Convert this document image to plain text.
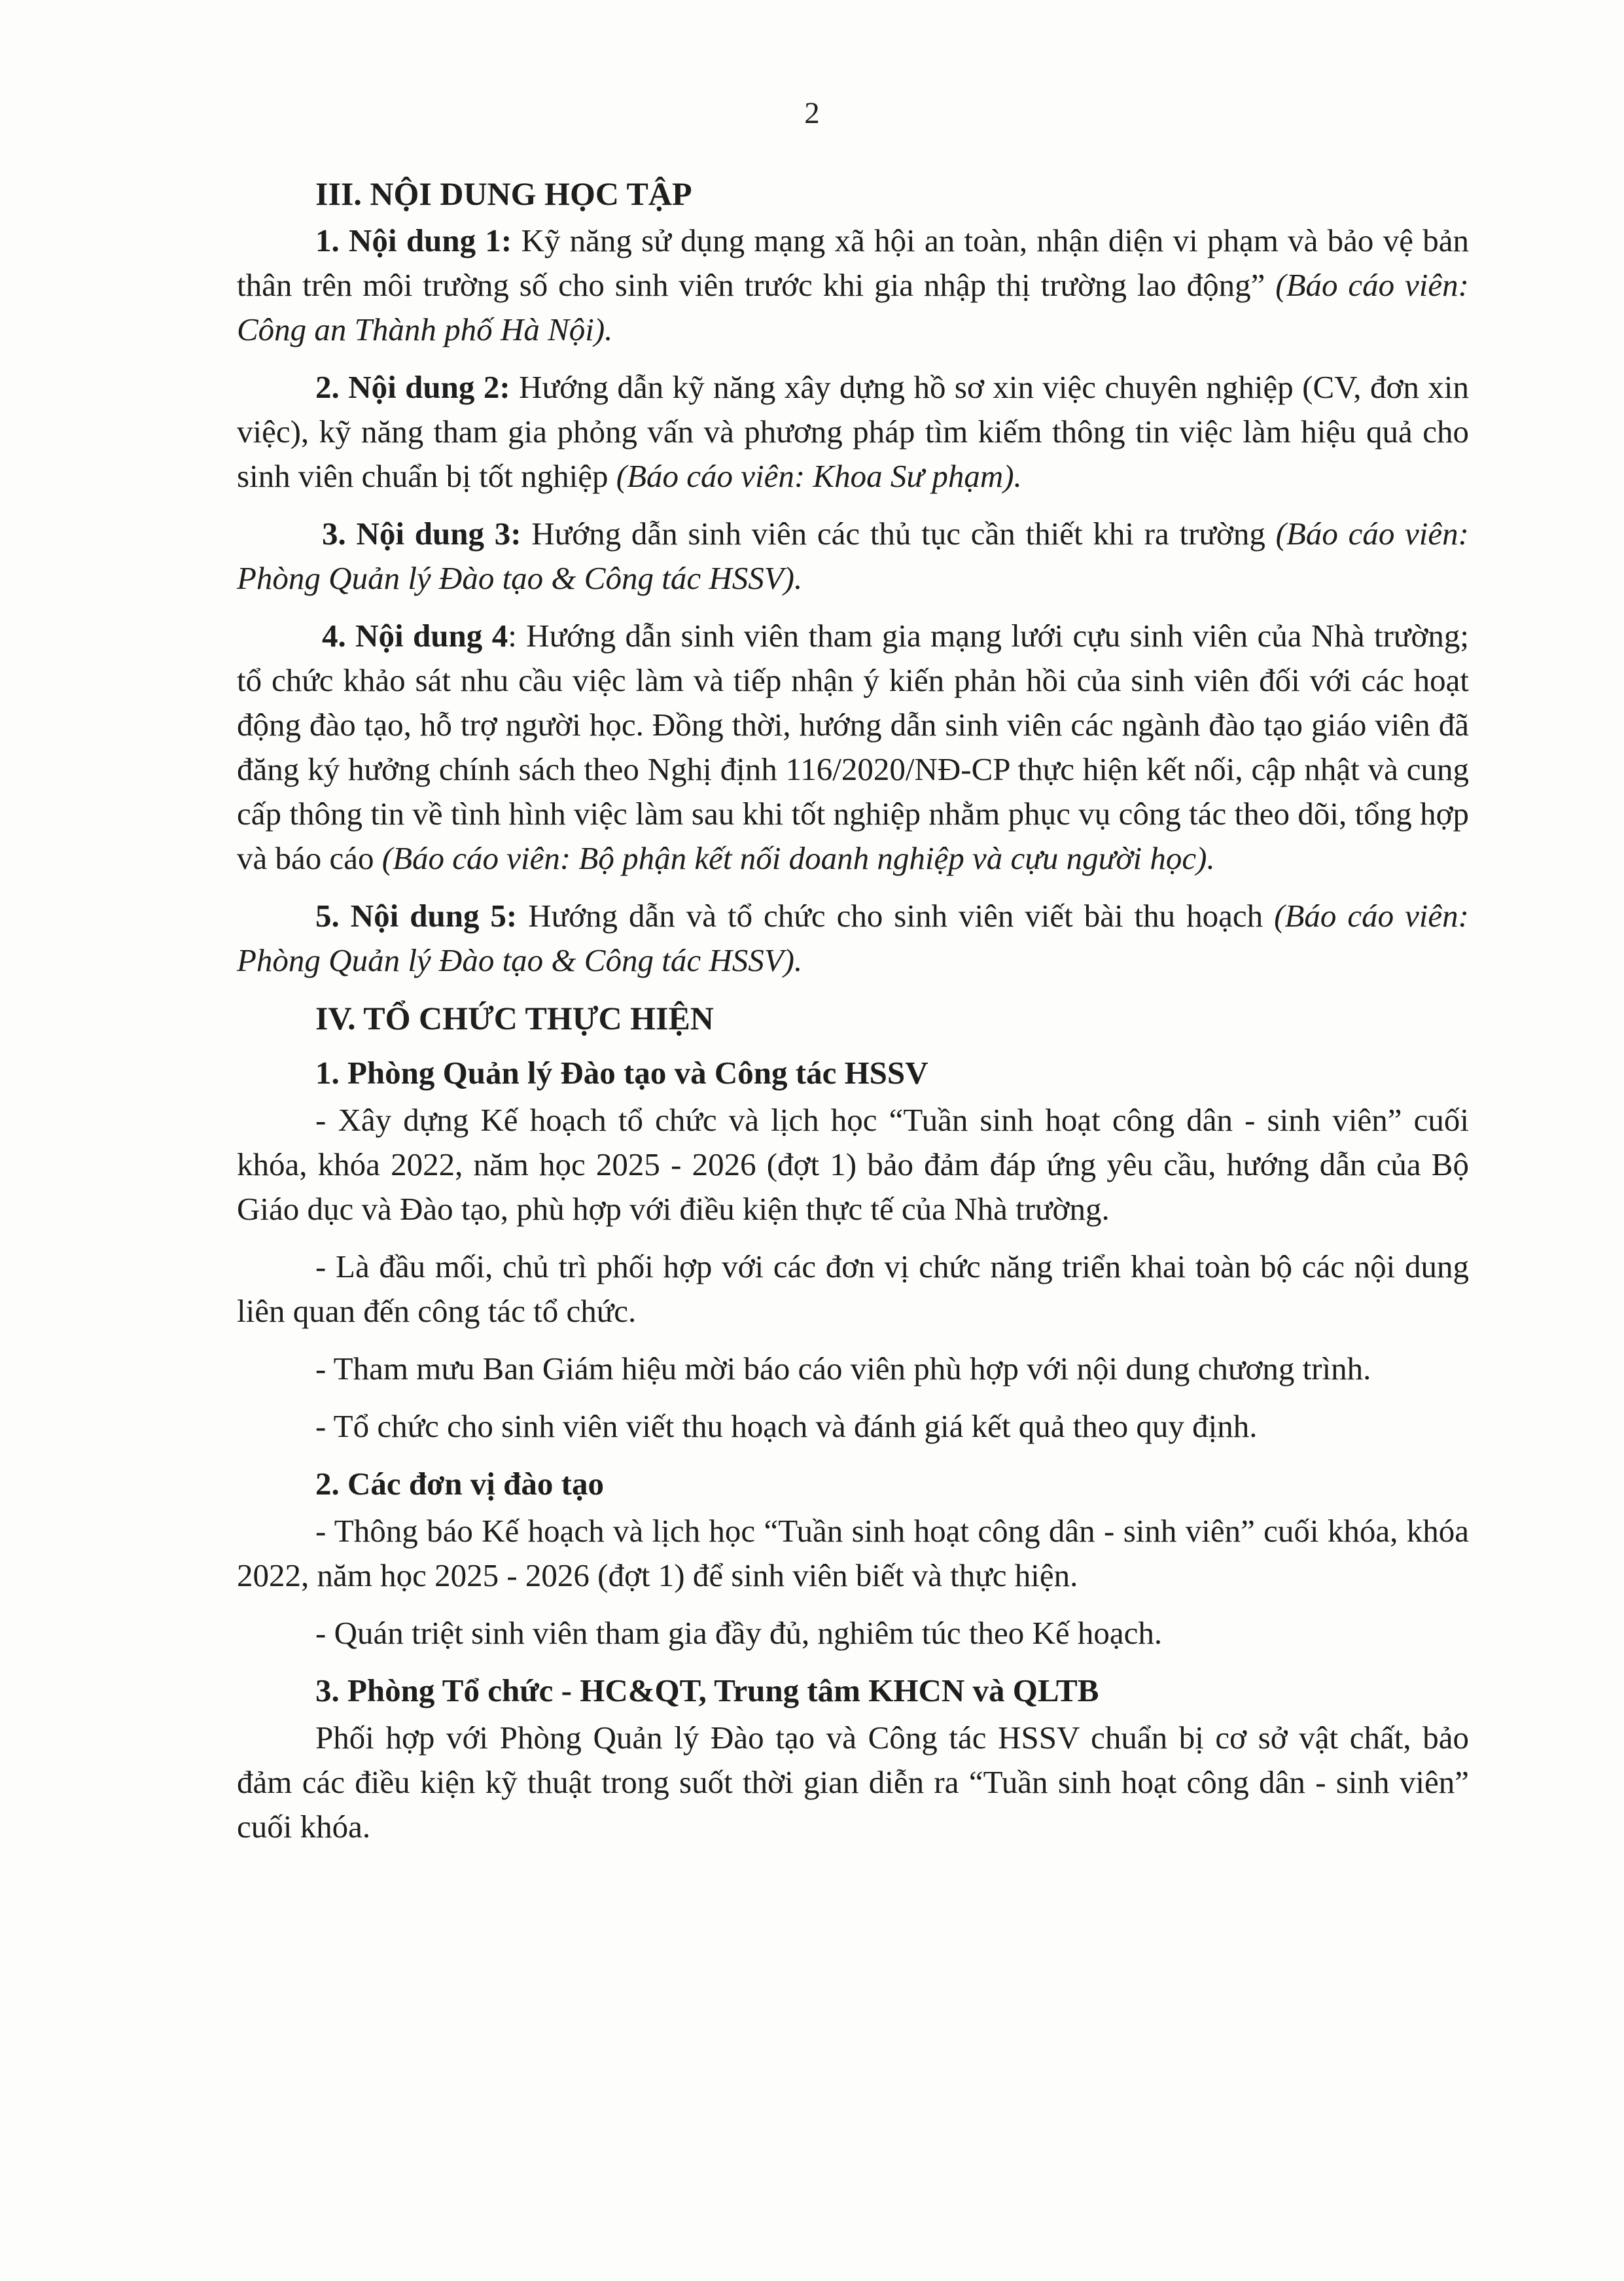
2

III. NỘI DUNG HỌC TẬP

1. Nội dung 1: Kỹ năng sử dụng mạng xã hội an toàn, nhận diện vi phạm và bảo vệ bản thân trên môi trường số cho sinh viên trước khi gia nhập thị trường lao động” (Báo cáo viên: Công an Thành phố Hà Nội).

2. Nội dung 2: Hướng dẫn kỹ năng xây dựng hồ sơ xin việc chuyên nghiệp (CV, đơn xin việc), kỹ năng tham gia phỏng vấn và phương pháp tìm kiếm thông tin việc làm hiệu quả cho sinh viên chuẩn bị tốt nghiệp (Báo cáo viên: Khoa Sư phạm).

3. Nội dung 3: Hướng dẫn sinh viên các thủ tục cần thiết khi ra trường (Báo cáo viên: Phòng Quản lý Đào tạo & Công tác HSSV).

4. Nội dung 4: Hướng dẫn sinh viên tham gia mạng lưới cựu sinh viên của Nhà trường; tổ chức khảo sát nhu cầu việc làm và tiếp nhận ý kiến phản hồi của sinh viên đối với các hoạt động đào tạo, hỗ trợ người học. Đồng thời, hướng dẫn sinh viên các ngành đào tạo giáo viên đã đăng ký hưởng chính sách theo Nghị định 116/2020/NĐ-CP thực hiện kết nối, cập nhật và cung cấp thông tin về tình hình việc làm sau khi tốt nghiệp nhằm phục vụ công tác theo dõi, tổng hợp và báo cáo (Báo cáo viên: Bộ phận kết nối doanh nghiệp và cựu người học).

5. Nội dung 5: Hướng dẫn và tổ chức cho sinh viên viết bài thu hoạch (Báo cáo viên: Phòng Quản lý Đào tạo & Công tác HSSV).

IV. TỔ CHỨC THỰC HIỆN

1. Phòng Quản lý Đào tạo và Công tác HSSV

- Xây dựng Kế hoạch tổ chức và lịch học “Tuần sinh hoạt công dân - sinh viên” cuối khóa, khóa 2022, năm học 2025 - 2026 (đợt 1) bảo đảm đáp ứng yêu cầu, hướng dẫn của Bộ Giáo dục và Đào tạo, phù hợp với điều kiện thực tế của Nhà trường.

- Là đầu mối, chủ trì phối hợp với các đơn vị chức năng triển khai toàn bộ các nội dung liên quan đến công tác tổ chức.

- Tham mưu Ban Giám hiệu mời báo cáo viên phù hợp với nội dung chương trình.

- Tổ chức cho sinh viên viết thu hoạch và đánh giá kết quả theo quy định.

2. Các đơn vị đào tạo

- Thông báo Kế hoạch và lịch học “Tuần sinh hoạt công dân - sinh viên” cuối khóa, khóa 2022, năm học 2025 - 2026 (đợt 1) để sinh viên biết và thực hiện.

- Quán triệt sinh viên tham gia đầy đủ, nghiêm túc theo Kế hoạch.

3. Phòng Tổ chức - HC&QT, Trung tâm KHCN và QLTB

Phối hợp với Phòng Quản lý Đào tạo và Công tác HSSV chuẩn bị cơ sở vật chất, bảo đảm các điều kiện kỹ thuật trong suốt thời gian diễn ra “Tuần sinh hoạt công dân - sinh viên” cuối khóa.
